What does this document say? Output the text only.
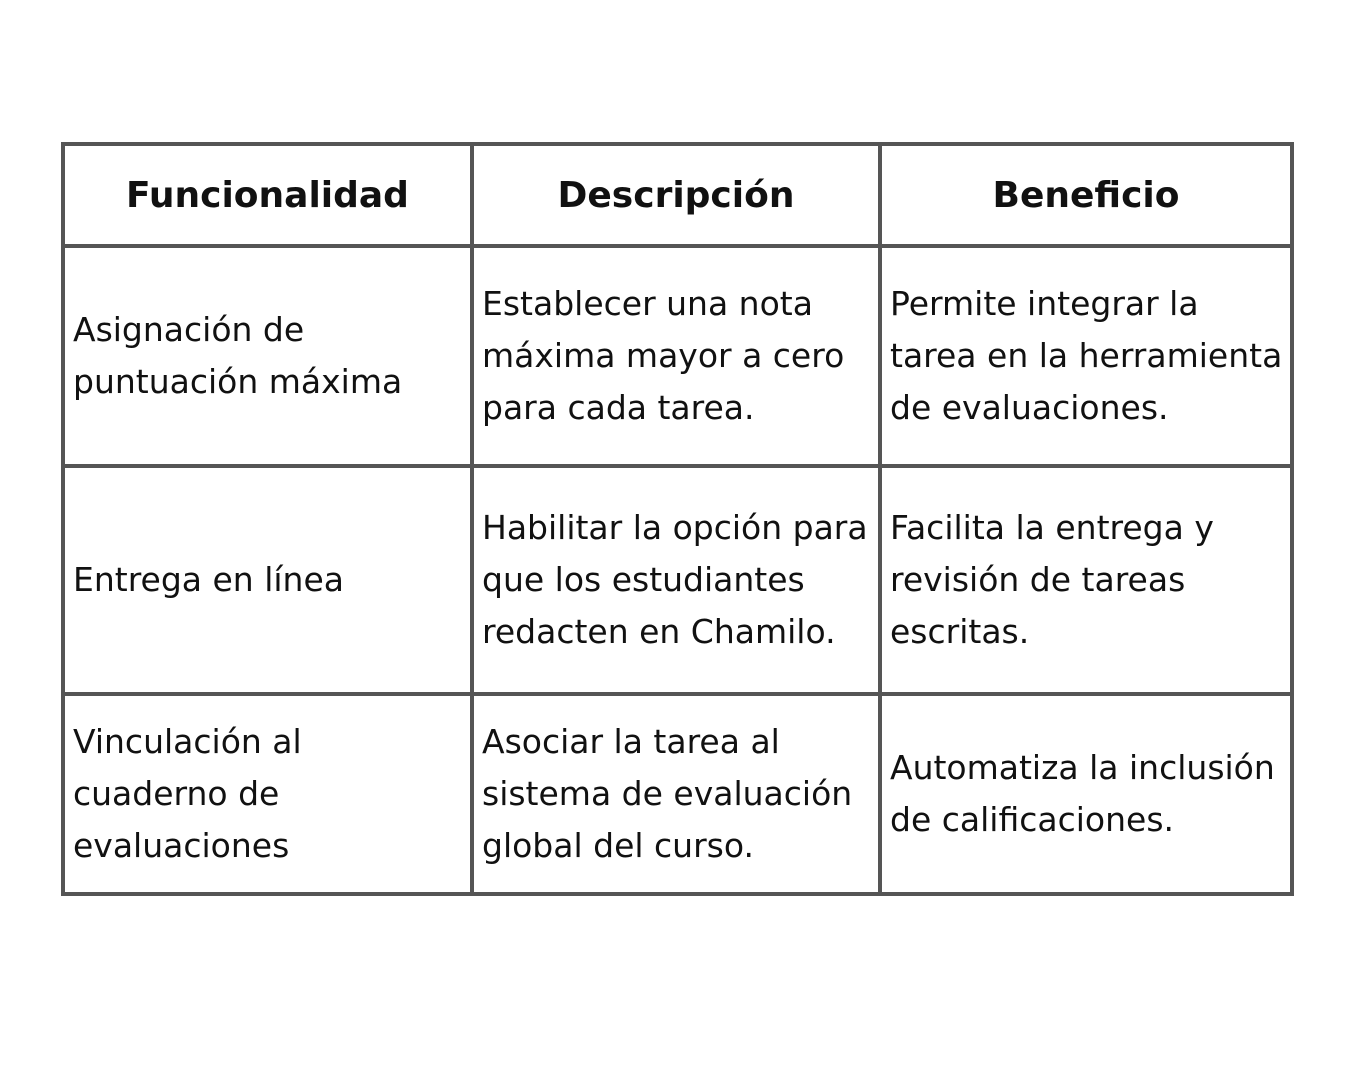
Funcionalidad	Descripción	Beneficio
Asignación de puntuación máxima	Establecer una nota máxima mayor a cero para cada tarea.	Permite integrar la tarea en la herramienta de evaluaciones.
Entrega en línea	Habilitar la opción para que los estudiantes redacten en Chamilo.	Facilita la entrega y revisión de tareas escritas.
Vinculación al cuaderno de evaluaciones	Asociar la tarea al sistema de evaluación global del curso.	Automatiza la inclusión de calificaciones.
